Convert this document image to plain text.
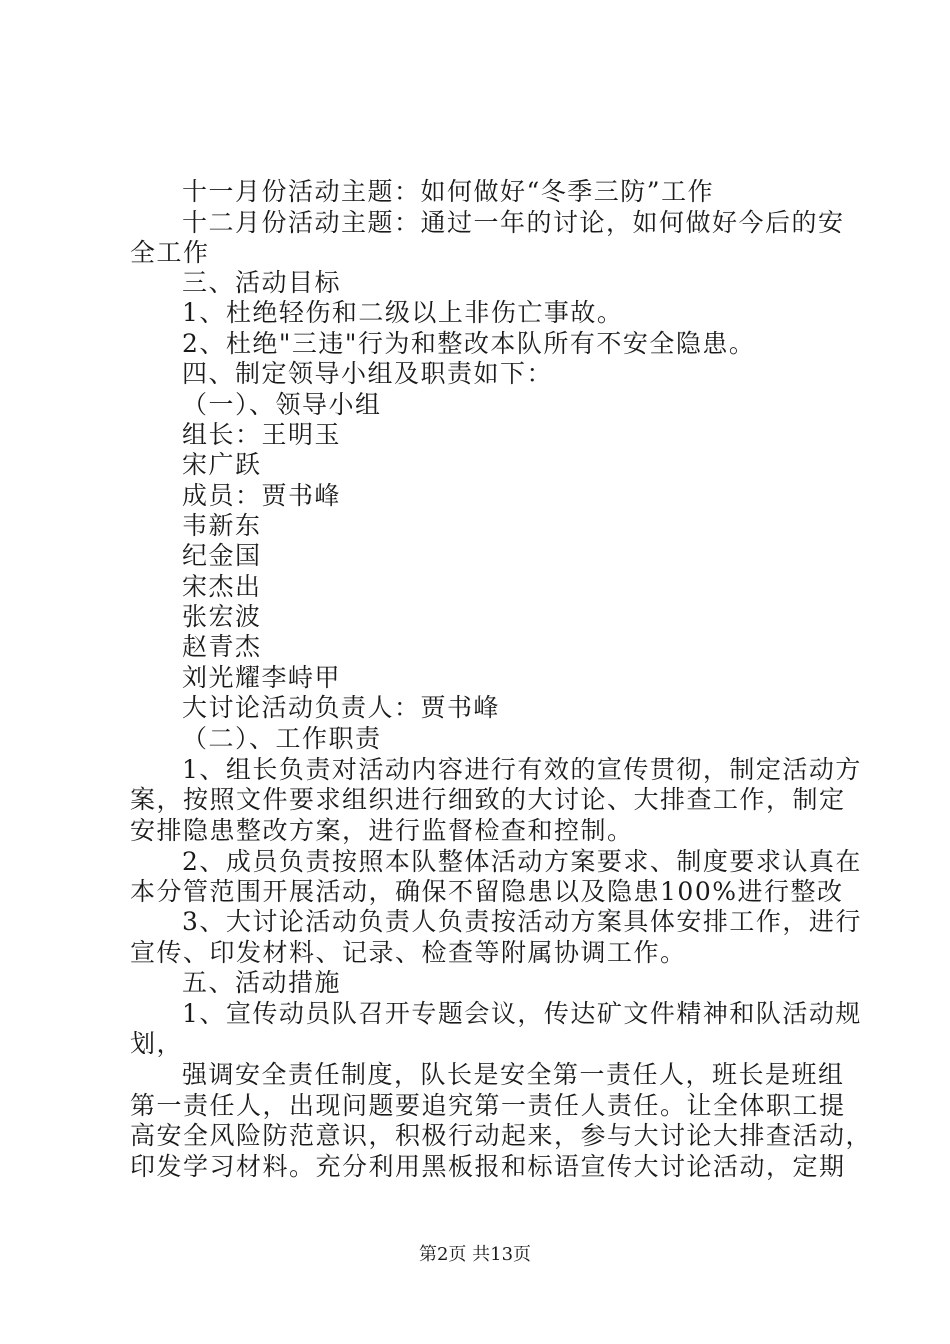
十一月份活动主题：如何做好“冬季三防”工作
十二月份活动主题：通过一年的讨论，如何做好今后的安
全工作
三、活动目标
1、杜绝轻伤和二级以上非伤亡事故。
2、杜绝"三违"行为和整改本队所有不安全隐患。
四、制定领导小组及职责如下：
（一）、领导小组
组长：王明玉
宋广跃
成员：贾书峰
韦新东
纪金国
宋杰出
张宏波
赵青杰
刘光耀李峙甲
大讨论活动负责人：贾书峰
（二）、工作职责
1、组长负责对活动内容进行有效的宣传贯彻，制定活动方
案，按照文件要求组织进行细致的大讨论、大排查工作，制定
安排隐患整改方案，进行监督检查和控制。
2、成员负责按照本队整体活动方案要求、制度要求认真在
本分管范围开展活动，确保不留隐患以及隐患100%进行整改
3、大讨论活动负责人负责按活动方案具体安排工作，进行
宣传、印发材料、记录、检查等附属协调工作。
五、活动措施
1、宣传动员队召开专题会议，传达矿文件精神和队活动规
划，
强调安全责任制度，队长是安全第一责任人，班长是班组
第一责任人，出现问题要追究第一责任人责任。让全体职工提
高安全风险防范意识，积极行动起来，参与大讨论大排查活动，
印发学习材料。充分利用黑板报和标语宣传大讨论活动，定期
第2页 共13页
